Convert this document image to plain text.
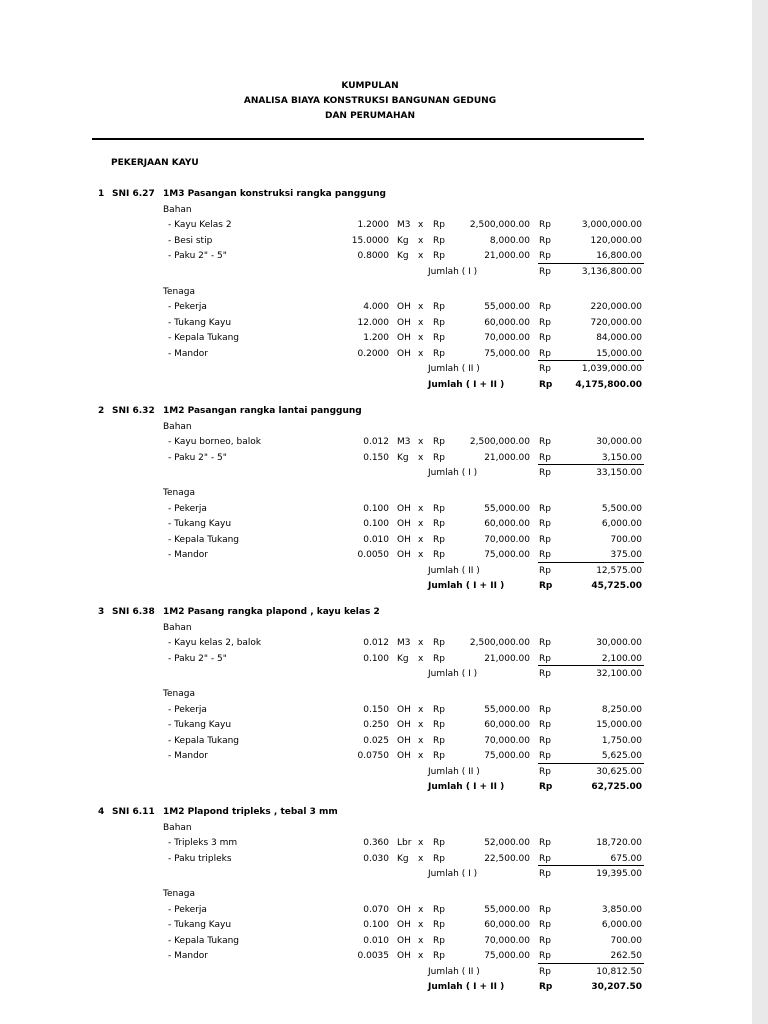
KUMPULAN
ANALISA BIAYA KONSTRUKSI BANGUNAN GEDUNG
DAN PERUMAHAN
PEKERJAAN KAYU
1 SNI 6.27 1M3 Pasangan konstruksi rangka panggung
Bahan
- Kayu Kelas 2	1.2000 M3 x Rp	2,500,000.00 Rp	3,000,000.00
- Besi stip	15.0000 Kg x Rp	8,000.00 Rp	120,000.00
- Paku 2" - 5"	0.8000 Kg x Rp	21,000.00 Rp	16,800.00
Jumlah ( I )	Rp	3,136,800.00
Tenaga
- Pekerja	4.000 OH x Rp	55,000.00 Rp	220,000.00
- Tukang Kayu	12.000 OH x Rp	60,000.00 Rp	720,000.00
- Kepala Tukang	1.200 OH x Rp	70,000.00 Rp	84,000.00
- Mandor	0.2000 OH x Rp	75,000.00 Rp	15,000.00
Jumlah ( II )	Rp	1,039,000.00
Jumlah ( I + II )	Rp	4,175,800.00
2 SNI 6.32 1M2 Pasangan rangka lantai panggung
Bahan
- Kayu borneo, balok	0.012 M3 x Rp	2,500,000.00 Rp	30,000.00
- Paku 2" - 5"	0.150 Kg x Rp	21,000.00 Rp	3,150.00
Jumlah ( I )	Rp	33,150.00
Tenaga
- Pekerja	0.100 OH x Rp	55,000.00 Rp	5,500.00
- Tukang Kayu	0.100 OH x Rp	60,000.00 Rp	6,000.00
- Kepala Tukang	0.010 OH x Rp	70,000.00 Rp	700.00
- Mandor	0.0050 OH x Rp	75,000.00 Rp	375.00
Jumlah ( II )	Rp	12,575.00
Jumlah ( I + II )	Rp	45,725.00
3 SNI 6.38 1M2 Pasang rangka plapond , kayu kelas 2
Bahan
- Kayu kelas 2, balok	0.012 M3 x Rp	2,500,000.00 Rp	30,000.00
- Paku 2" - 5"	0.100 Kg x Rp	21,000.00 Rp	2,100.00
Jumlah ( I )	Rp	32,100.00
Tenaga
- Pekerja	0.150 OH x Rp	55,000.00 Rp	8,250.00
- Tukang Kayu	0.250 OH x Rp	60,000.00 Rp	15,000.00
- Kepala Tukang	0.025 OH x Rp	70,000.00 Rp	1,750.00
- Mandor	0.0750 OH x Rp	75,000.00 Rp	5,625.00
Jumlah ( II )	Rp	30,625.00
Jumlah ( I + II )	Rp	62,725.00
4 SNI 6.11 1M2 Plapond tripleks , tebal 3 mm
Bahan
- Tripleks 3 mm	0.360 Lbr x Rp	52,000.00 Rp	18,720.00
- Paku tripleks	0.030 Kg x Rp	22,500.00 Rp	675.00
Jumlah ( I )	Rp	19,395.00
Tenaga
- Pekerja	0.070 OH x Rp	55,000.00 Rp	3,850.00
- Tukang Kayu	0.100 OH x Rp	60,000.00 Rp	6,000.00
- Kepala Tukang	0.010 OH x Rp	70,000.00 Rp	700.00
- Mandor	0.0035 OH x Rp	75,000.00 Rp	262.50
Jumlah ( II )	Rp	10,812.50
Jumlah ( I + II )	Rp	30,207.50
